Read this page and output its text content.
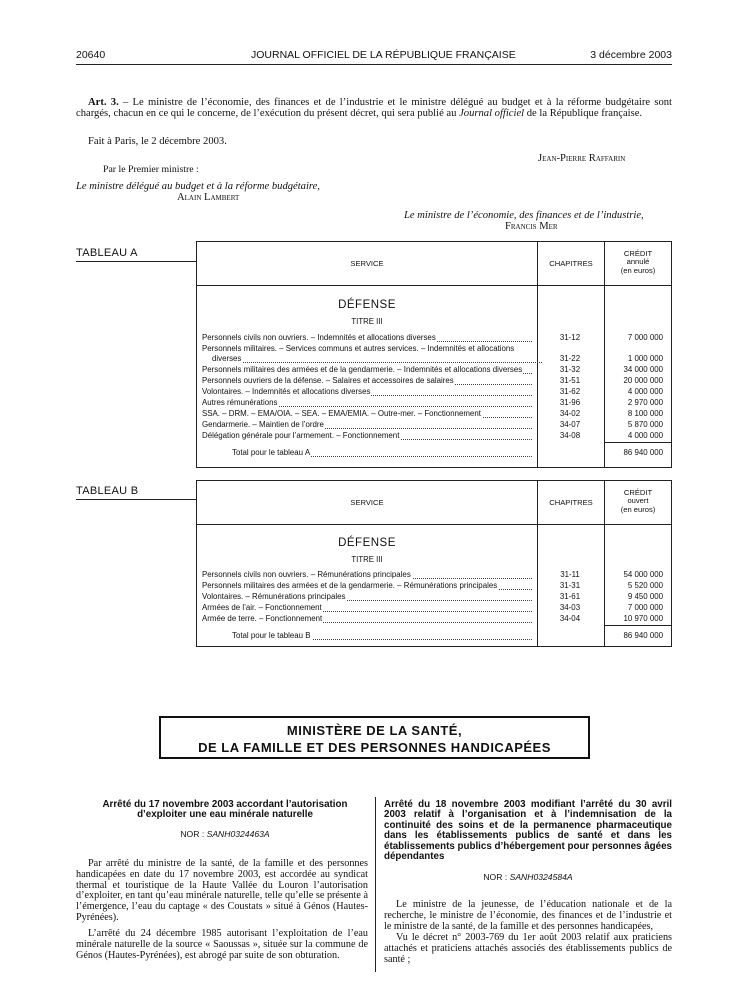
20640	JOURNAL OFFICIEL DE LA RÉPUBLIQUE FRANÇAISE	3 décembre 2003
Art. 3. – Le ministre de l’économie, des finances et de l’industrie et le ministre délégué au budget et à la réforme budgétaire sont chargés, chacun en ce qui le concerne, de l’exécution du présent décret, qui sera publié au Journal officiel de la République française.
Fait à Paris, le 2 décembre 2003.
Jean-Pierre Raffarin
Par le Premier ministre :
Le ministre délégué au budget et à la réforme budgétaire,
Alain Lambert
Le ministre de l’économie, des finances et de l’industrie,
Francis Mer
TABLEAU A
SERVICE	CHAPITRES
CRÉDIT
annulé
(en euros)
DÉFENSE
TITRE III
Personnels civils non ouvriers. – Indemnités et allocations diverses	31-12	7 000 000
Personnels militaires. – Services communs et autres services. – Indemnités et allocations
diverses	31-22	1 000 000
Personnels militaires des armées et de la gendarmerie. – Indemnités et allocations diverses	31-32	34 000 000
Personnels ouvriers de la défense. – Salaires et accessoires de salaires	31-51	20 000 000
Volontaires. – Indemnités et allocations diverses	31-62	4 000 000
Autres rémunérations	31-96	2 970 000
SSA. – DRM. – EMA/OIA. – SEA. – EMA/EMIA. – Outre-mer. – Fonctionnement	34-02	8 100 000
Gendarmerie. – Maintien de l’ordre	34-07	5 870 000
Délégation générale pour l’armement. – Fonctionnement	34-08	4 000 000
Total pour le tableau A	86 940 000
TABLEAU B
SERVICE	CHAPITRES
CRÉDIT
ouvert
(en euros)
DÉFENSE
TITRE III
Personnels civils non ouvriers. – Rémunérations principales	31-11	54 000 000
Personnels militaires des armées et de la gendarmerie. – Rémunérations principales	31-31	5 520 000
Volontaires. – Rémunérations principales	31-61	9 450 000
Armées de l’air. – Fonctionnement	34-03	7 000 000
Armée de terre. – Fonctionnement	34-04	10 970 000
Total pour le tableau B	86 940 000
MINISTÈRE DE LA SANTÉ,
DE LA FAMILLE ET DES PERSONNES HANDICAPÉES
Arrêté du 17 novembre 2003 accordant l’autorisation d’exploiter une eau minérale naturelle
NOR : SANH0324463A
Par arrêté du ministre de la santé, de la famille et des personnes handicapées en date du 17 novembre 2003, est accordée au syndicat thermal et touristique de la Haute Vallée du Louron l’autorisation d’exploiter, en tant qu’eau minérale naturelle, telle qu’elle se présente à l’émergence, l’eau du captage « des Coustats » situé à Génos (Hautes-Pyrénées).
L’arrêté du 24 décembre 1985 autorisant l’exploitation de l’eau minérale naturelle de la source « Saoussas », située sur la commune de Génos (Hautes-Pyrénées), est abrogé par suite de son obturation.
Arrêté du 18 novembre 2003 modifiant l’arrêté du 30 avril 2003 relatif à l’organisation et à l’indemnisation de la continuité des soins et de la permanence pharmaceutique dans les établissements publics de santé et dans les établissements publics d’hébergement pour personnes âgées dépendantes
NOR : SANH0324584A
Le ministre de la jeunesse, de l’éducation nationale et de la recherche, le ministre de l’économie, des finances et de l’industrie et le ministre de la santé, de la famille et des personnes handicapées,
Vu le décret n° 2003-769 du 1er août 2003 relatif aux praticiens attachés et praticiens attachés associés des établissements publics de santé ;
